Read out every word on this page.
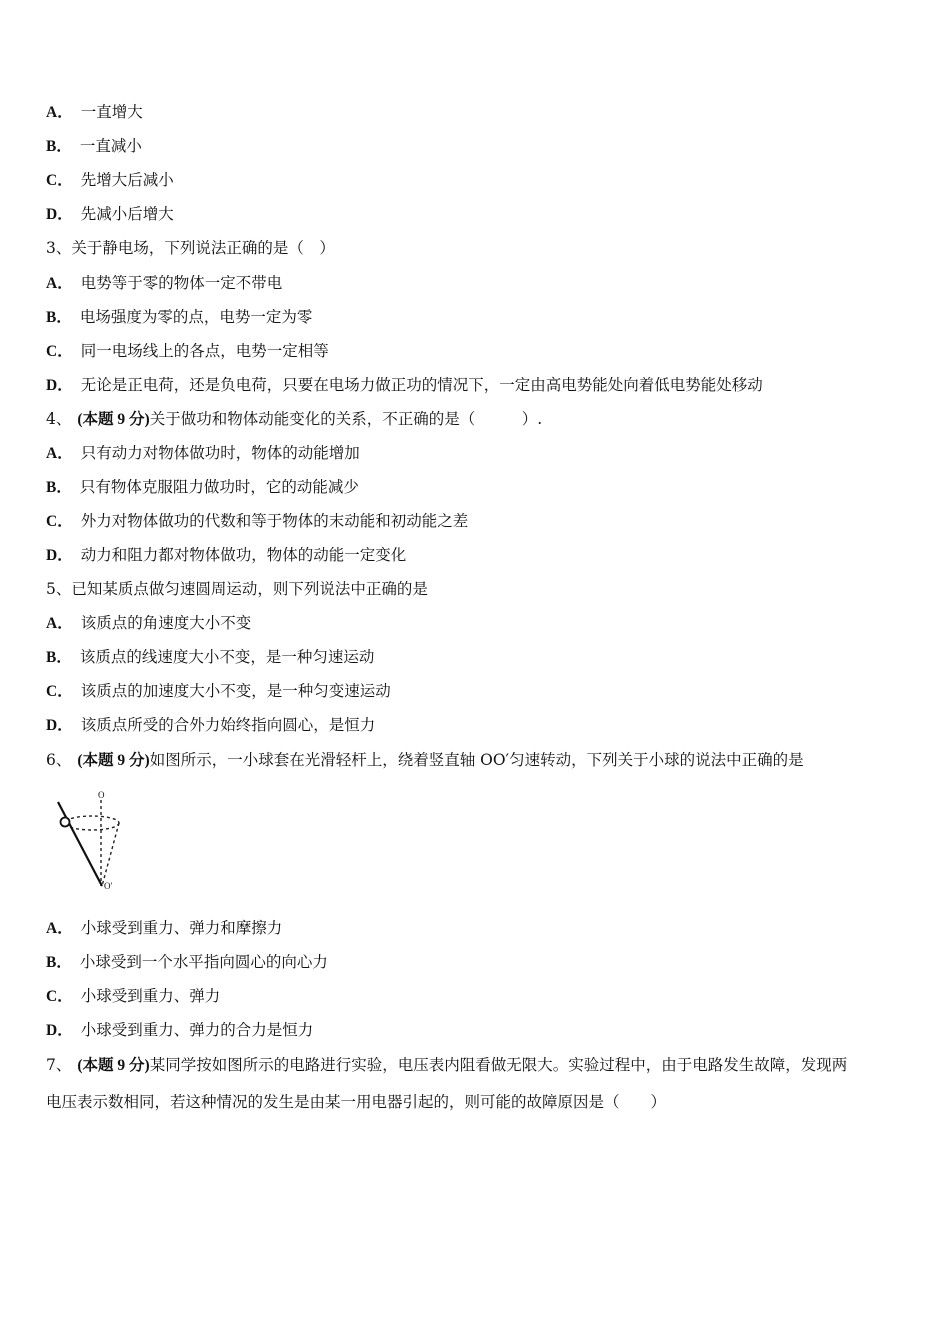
A． 一直增大
B． 一直减小
C． 先增大后减小
D． 先减小后增大
3、关于静电场，下列说法正确的是（　）
A． 电势等于零的物体一定不带电
B． 电场强度为零的点，电势一定为零
C． 同一电场线上的各点，电势一定相等
D． 无论是正电荷，还是负电荷，只要在电场力做正功的情况下，一定由高电势能处向着低电势能处移动
4、 (本题 9 分)关于做功和物体动能变化的关系，不正确的是（　　　）.
A． 只有动力对物体做功时，物体的动能增加
B． 只有物体克服阻力做功时，它的动能减少
C． 外力对物体做功的代数和等于物体的末动能和初动能之差
D． 动力和阻力都对物体做功，物体的动能一定变化
5、已知某质点做匀速圆周运动，则下列说法中正确的是
A． 该质点的角速度大小不变
B． 该质点的线速度大小不变，是一种匀速运动
C． 该质点的加速度大小不变，是一种匀变速运动
D． 该质点所受的合外力始终指向圆心，是恒力
6、 (本题 9 分)如图所示，一小球套在光滑轻杆上，绕着竖直轴 OO′匀速转动，下列关于小球的说法中正确的是
O
O′
A． 小球受到重力、弹力和摩擦力
B． 小球受到一个水平指向圆心的向心力
C． 小球受到重力、弹力
D． 小球受到重力、弹力的合力是恒力
7、 (本题 9 分)某同学按如图所示的电路进行实验，电压表内阻看做无限大。实验过程中，由于电路发生故障，发现两
电压表示数相同，若这种情况的发生是由某一用电器引起的，则可能的故障原因是（　　）
